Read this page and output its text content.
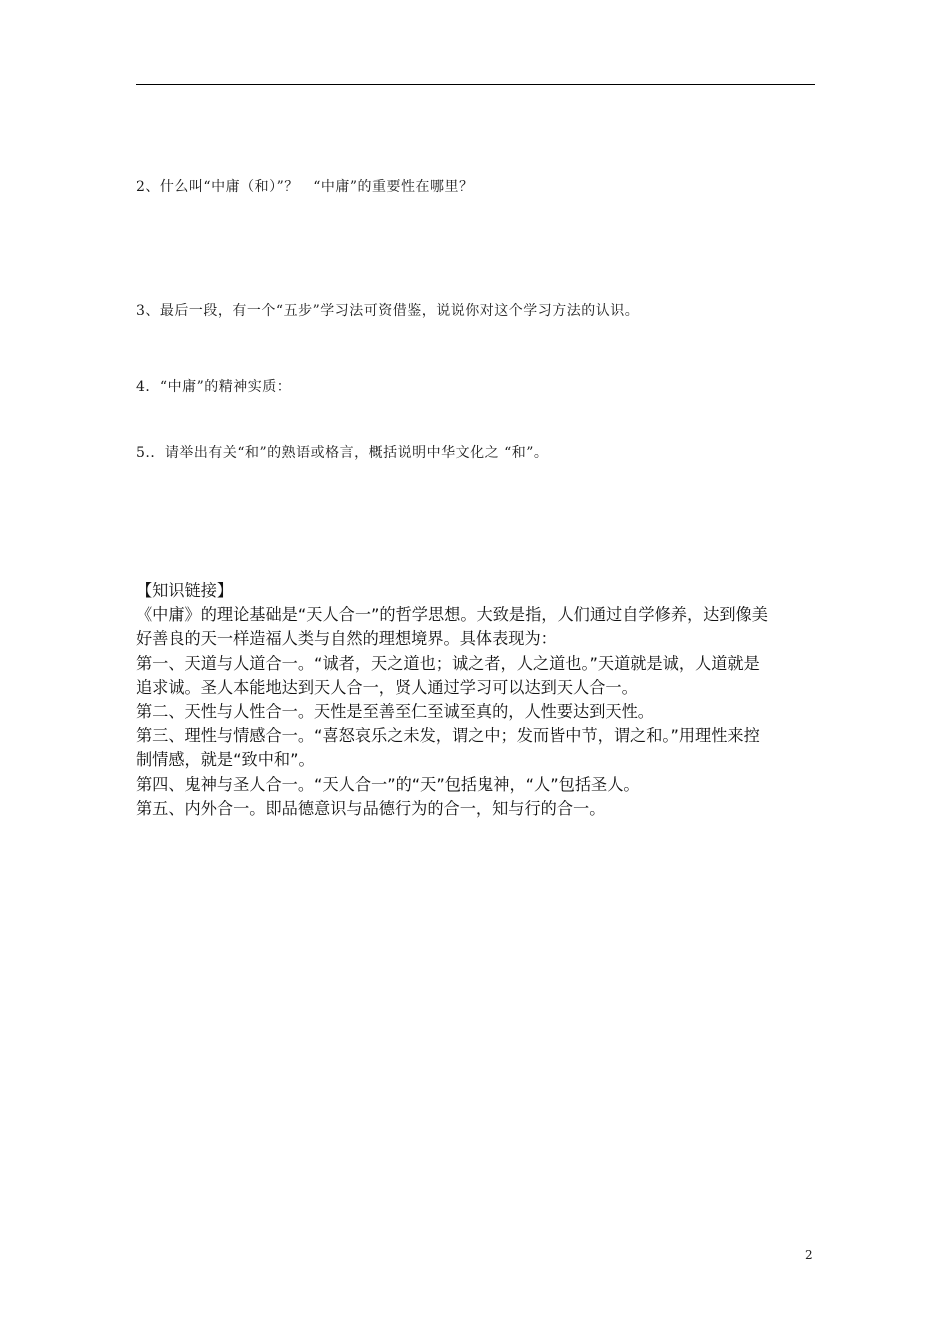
2、什么叫“中庸（和）”？　“中庸”的重要性在哪里？
3、最后一段，有一个“五步”学习法可资借鉴，说说你对这个学习方法的认识。
4．“中庸”的精神实质：
5.．请举出有关“和”的熟语或格言，概括说明中华文化之 “和”。
【知识链接】
《中庸》的理论基础是“天人合一”的哲学思想。大致是指，人们通过自学修养，达到像美
好善良的天一样造福人类与自然的理想境界。具体表现为：
第一、天道与人道合一。“诚者，天之道也；诚之者，人之道也。”天道就是诚，人道就是
追求诚。圣人本能地达到天人合一，贤人通过学习可以达到天人合一。
第二、天性与人性合一。天性是至善至仁至诚至真的，人性要达到天性。
第三、理性与情感合一。“喜怒哀乐之未发，谓之中；发而皆中节，谓之和。”用理性来控
制情感，就是“致中和”。
第四、鬼神与圣人合一。“天人合一”的“天”包括鬼神，“人”包括圣人。
第五、内外合一。即品德意识与品德行为的合一，知与行的合一。
2
